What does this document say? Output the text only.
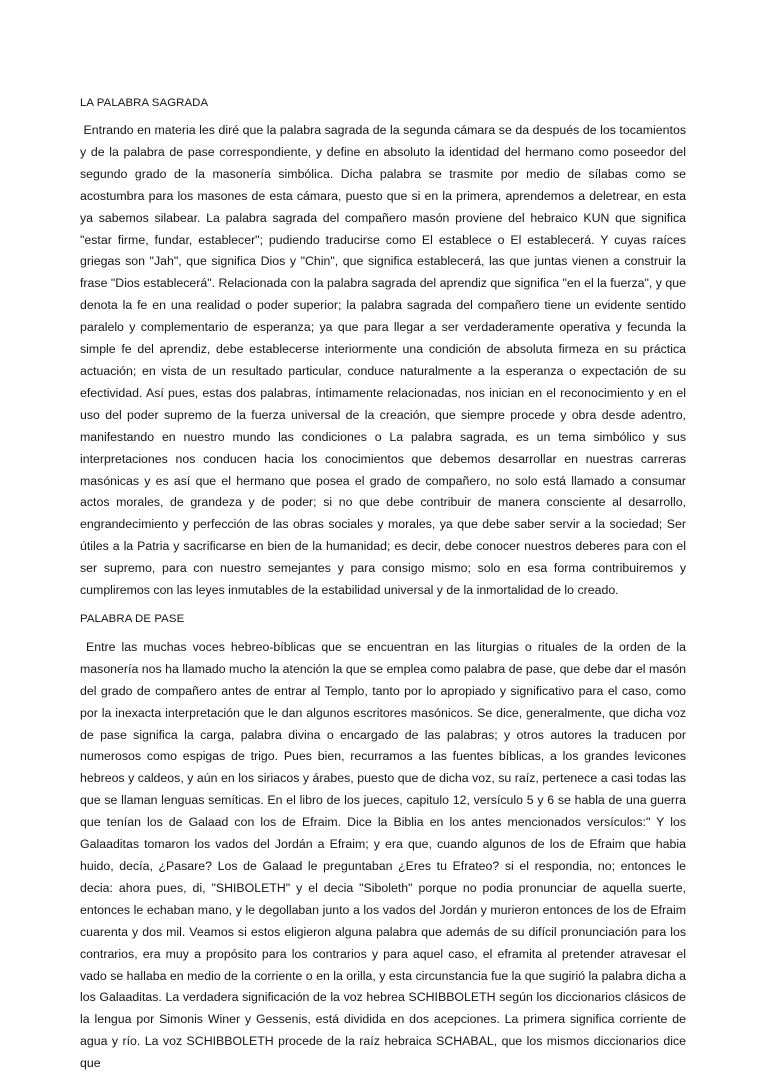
LA PALABRA SAGRADA

Entrando en materia les diré que la palabra sagrada de la segunda cámara se da después de los tocamientos y de la palabra de pase correspondiente, y define en absoluto la identidad del hermano como poseedor del segundo grado de la masonería simbólica. Dicha palabra se trasmite por medio de sílabas como se acostumbra para los masones de esta cámara, puesto que si en la primera, aprendemos a deletrear, en esta ya sabemos silabear. La palabra sagrada del compañero masón proviene del hebraico KUN que significa "estar firme, fundar, establecer"; pudiendo traducirse como El establece o El establecerá. Y cuyas raíces griegas son "Jah", que significa Dios y "Chin", que significa establecerá, las que juntas vienen a construir la frase "Dios establecerá". Relacionada con la palabra sagrada del aprendiz que significa "en el la fuerza", y que denota la fe en una realidad o poder superior; la palabra sagrada del compañero tiene un evidente sentido paralelo y complementario de esperanza; ya que para llegar a ser verdaderamente operativa y fecunda la simple fe del aprendiz, debe establecerse interiormente una condición de absoluta firmeza en su práctica actuación; en vista de un resultado particular, conduce naturalmente a la esperanza o expectación de su efectividad. Así pues, estas dos palabras, íntimamente relacionadas, nos inician en el reconocimiento y en el uso del poder supremo de la fuerza universal de la creación, que siempre procede y obra desde adentro, manifestando en nuestro mundo las condiciones o La palabra sagrada, es un tema simbólico y sus interpretaciones nos conducen hacia los conocimientos que debemos desarrollar en nuestras carreras masónicas y es así que el hermano que posea el grado de compañero, no solo está llamado a consumar actos morales, de grandeza y de poder; si no que debe contribuir de manera consciente al desarrollo, engrandecimiento y perfección de las obras sociales y morales, ya que debe saber servir a la sociedad; Ser útiles a la Patria y sacrificarse en bien de la humanidad; es decir, debe conocer nuestros deberes para con el ser supremo, para con nuestro semejantes y para consigo mismo; solo en esa forma contribuiremos y cumpliremos con las leyes inmutables de la estabilidad universal y de la inmortalidad de lo creado.

PALABRA DE PASE

Entre las muchas voces hebreo-bíblicas que se encuentran en las liturgias o rituales de la orden de la masonería nos ha llamado mucho la atención la que se emplea como palabra de pase, que debe dar el masón del grado de compañero antes de entrar al Templo, tanto por lo apropiado y significativo para el caso, como por la inexacta interpretación que le dan algunos escritores masónicos. Se dice, generalmente, que dicha voz de pase significa la carga, palabra divina o encargado de las palabras; y otros autores la traducen por numerosos como espigas de trigo. Pues bien, recurramos a las fuentes bíblicas, a los grandes levicones hebreos y caldeos, y aún en los siriacos y árabes, puesto que de dicha voz, su raíz, pertenece a casi todas las que se llaman lenguas semíticas. En el libro de los jueces, capitulo 12, versículo 5 y 6 se habla de una guerra que tenían los de Galaad con los de Efraim. Dice la Biblia en los antes mencionados versículos:" Y los Galaaditas tomaron los vados del Jordán a Efraim; y era que, cuando algunos de los de Efraim que habia huido, decía, ¿Pasare? Los de Galaad le preguntaban ¿Eres tu Efrateo? si el respondia, no; entonces le decia: ahora pues, di, "SHIBOLETH" y el decia "Siboleth" porque no podia pronunciar de aquella suerte, entonces le echaban mano, y le degollaban junto a los vados del Jordán y murieron entonces de los de Efraim cuarenta y dos mil. Veamos si estos eligieron alguna palabra que además de su difícil pronunciación para los contrarios, era muy a propósito para los contrarios y para aquel caso, el eframita al pretender atravesar el vado se hallaba en medio de la corriente o en la orilla, y esta circunstancia fue la que sugirió la palabra dicha a los Galaaditas. La verdadera significación de la voz hebrea SCHIBBOLETH según los diccionarios clásicos de la lengua por Simonis Winer y Gessenis, está dividida en dos acepciones. La primera significa corriente de agua y río. La voz SCHIBBOLETH procede de la raíz hebraica SCHABAL, que los mismos diccionarios dice que
